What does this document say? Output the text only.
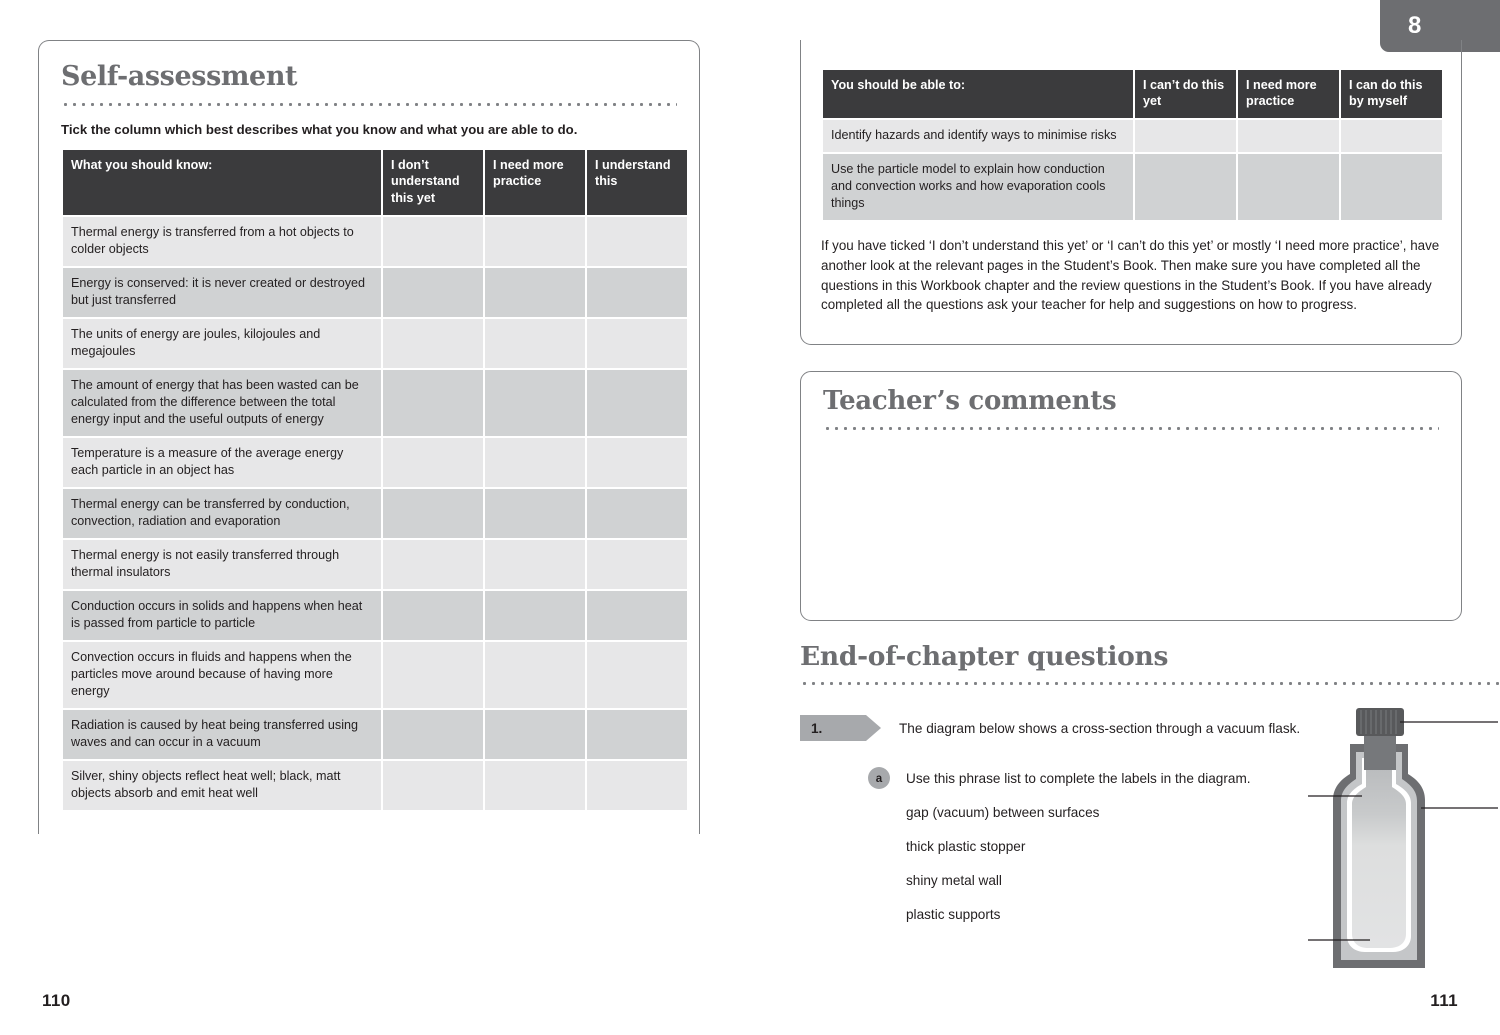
8
Self-assessment
Tick the column which best describes what you know and what you are able to do.
What you should know:	I don’t understand this yet	I need more practice	I understand this
Thermal energy is transferred from a hot objects to colder objects			
Energy is conserved: it is never created or destroyed but just transferred			
The units of energy are joules, kilojoules and megajoules			
The amount of energy that has been wasted can be calculated from the difference between the total energy input and the useful outputs of energy			
Temperature is a measure of the average energy each particle in an object has			
Thermal energy can be transferred by conduction, convection, radiation and evaporation			
Thermal energy is not easily transferred through thermal insulators			
Conduction occurs in solids and happens when heat is passed from particle to particle			
Convection occurs in fluids and happens when the particles move around because of having more energy			
Radiation is caused by heat being transferred using waves and can occur in a vacuum			
Silver, shiny objects reflect heat well; black, matt objects absorb and emit heat well			
You should be able to:	I can’t do this yet	I need more practice	I can do this by myself
Identify hazards and identify ways to minimise risks			
Use the particle model to explain how conduction and convection works and how evaporation cools things			

If you have ticked ‘I don’t understand this yet’ or ‘I can’t do this yet’ or mostly ‘I need more practice’, have another look at the relevant pages in the Student’s Book. Then make sure you have completed all the questions in this Workbook chapter and the review questions in the Student’s Book. If you have already completed all the questions ask your teacher for help and suggestions on how to progress.

Teacher’s comments
End-of-chapter questions
1.	The diagram below shows a cross-section through a vacuum flask.
a Use this phrase list to complete the labels in the diagram.
gap (vacuum) between surfaces
thick plastic stopper
shiny metal wall
plastic supports
110	111
